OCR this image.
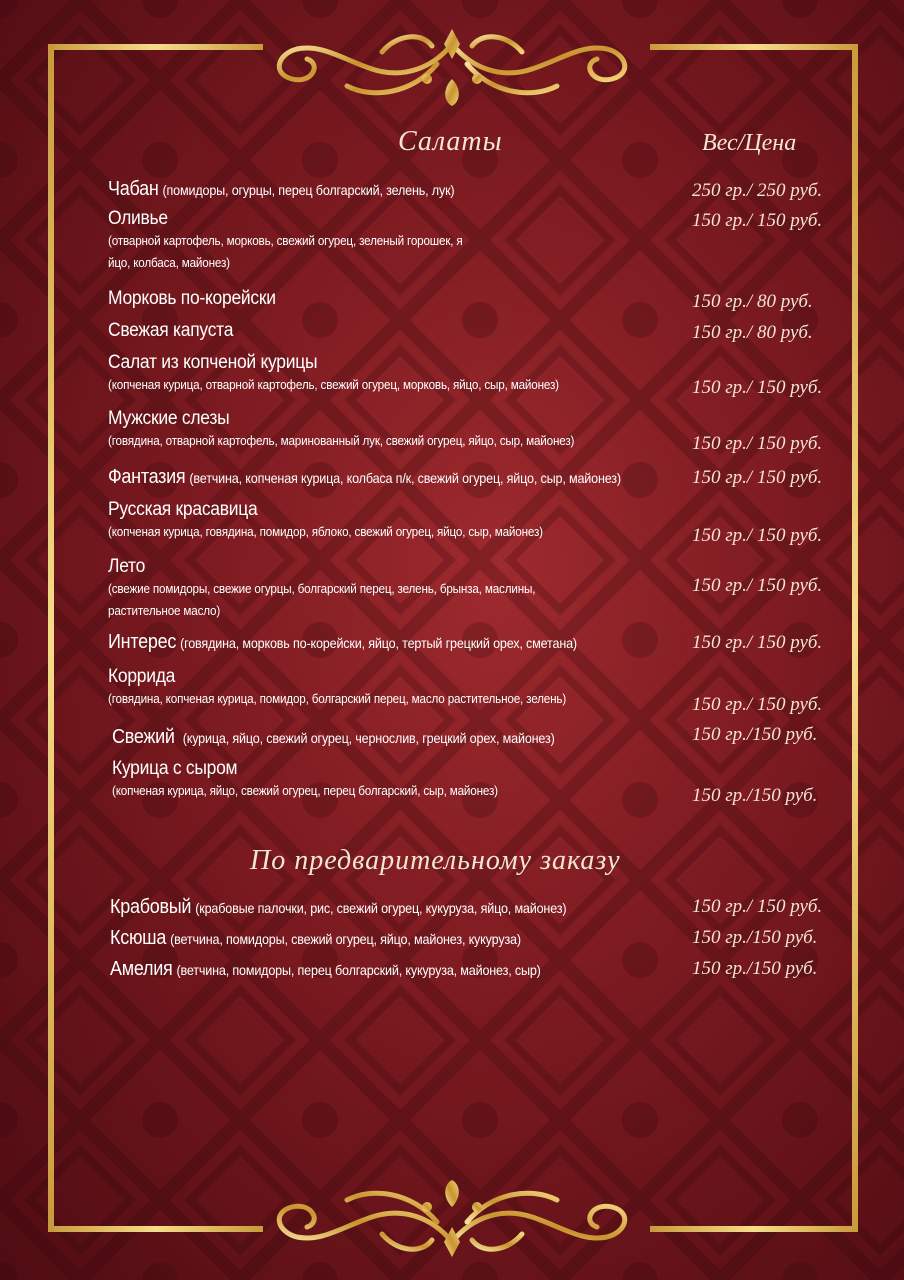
Салаты	Вес/Цена
Чабан (помидоры, огурцы, перец болгарский, зелень, лук)	250 гр./ 250 руб.
Оливье
(отварной картофель, морковь, свежий огурец, зеленый горошек, я
йцо, колбаса, майонез)
150 гр./ 150 руб.
Морковь по-корейски	150 гр./ 80 руб.
Свежая капуста	150 гр./ 80 руб.
Салат из копченой курицы
(копченая курица, отварной картофель, свежий огурец, морковь, яйцо, сыр, майонез)	150 гр./ 150 руб.
Мужские слезы
(говядина, отварной картофель, маринованный лук, свежий огурец, яйцо, сыр, майонез)	150 гр./ 150 руб.
Фантазия (ветчина, копченая курица, колбаса п/к, свежий огурец, яйцо, сыр, майонез)	150 гр./ 150 руб.
Русская красавица
(копченая курица, говядина, помидор, яблоко, свежий огурец, яйцо, сыр, майонез)	150 гр./ 150 руб.
Лето
(свежие помидоры, свежие огурцы, болгарский перец, зелень, брынза, маслины,
растительное масло)
150 гр./ 150 руб.
Интерес (говядина, морковь по-корейски, яйцо, тертый грецкий орех, сметана)	150 гр./ 150 руб.
Коррида
(говядина, копченая курица, помидор, болгарский перец, масло растительное, зелень)	150 гр./ 150 руб.
Свежий (курица, яйцо, свежий огурец, чернослив, грецкий орех, майонез)	150 гр./150 руб.
Курица с сыром
(копченая курица, яйцо, свежий огурец, перец болгарский, сыр, майонез)	150 гр./150 руб.
По предварительному заказу
Крабовый (крабовые палочки, рис, свежий огурец, кукуруза, яйцо, майонез)	150 гр./ 150 руб.
Ксюша (ветчина, помидоры, свежий огурец, яйцо, майонез, кукуруза)	150 гр./150 руб.
Амелия (ветчина, помидоры, перец болгарский, кукуруза, майонез, сыр)	150 гр./150 руб.
